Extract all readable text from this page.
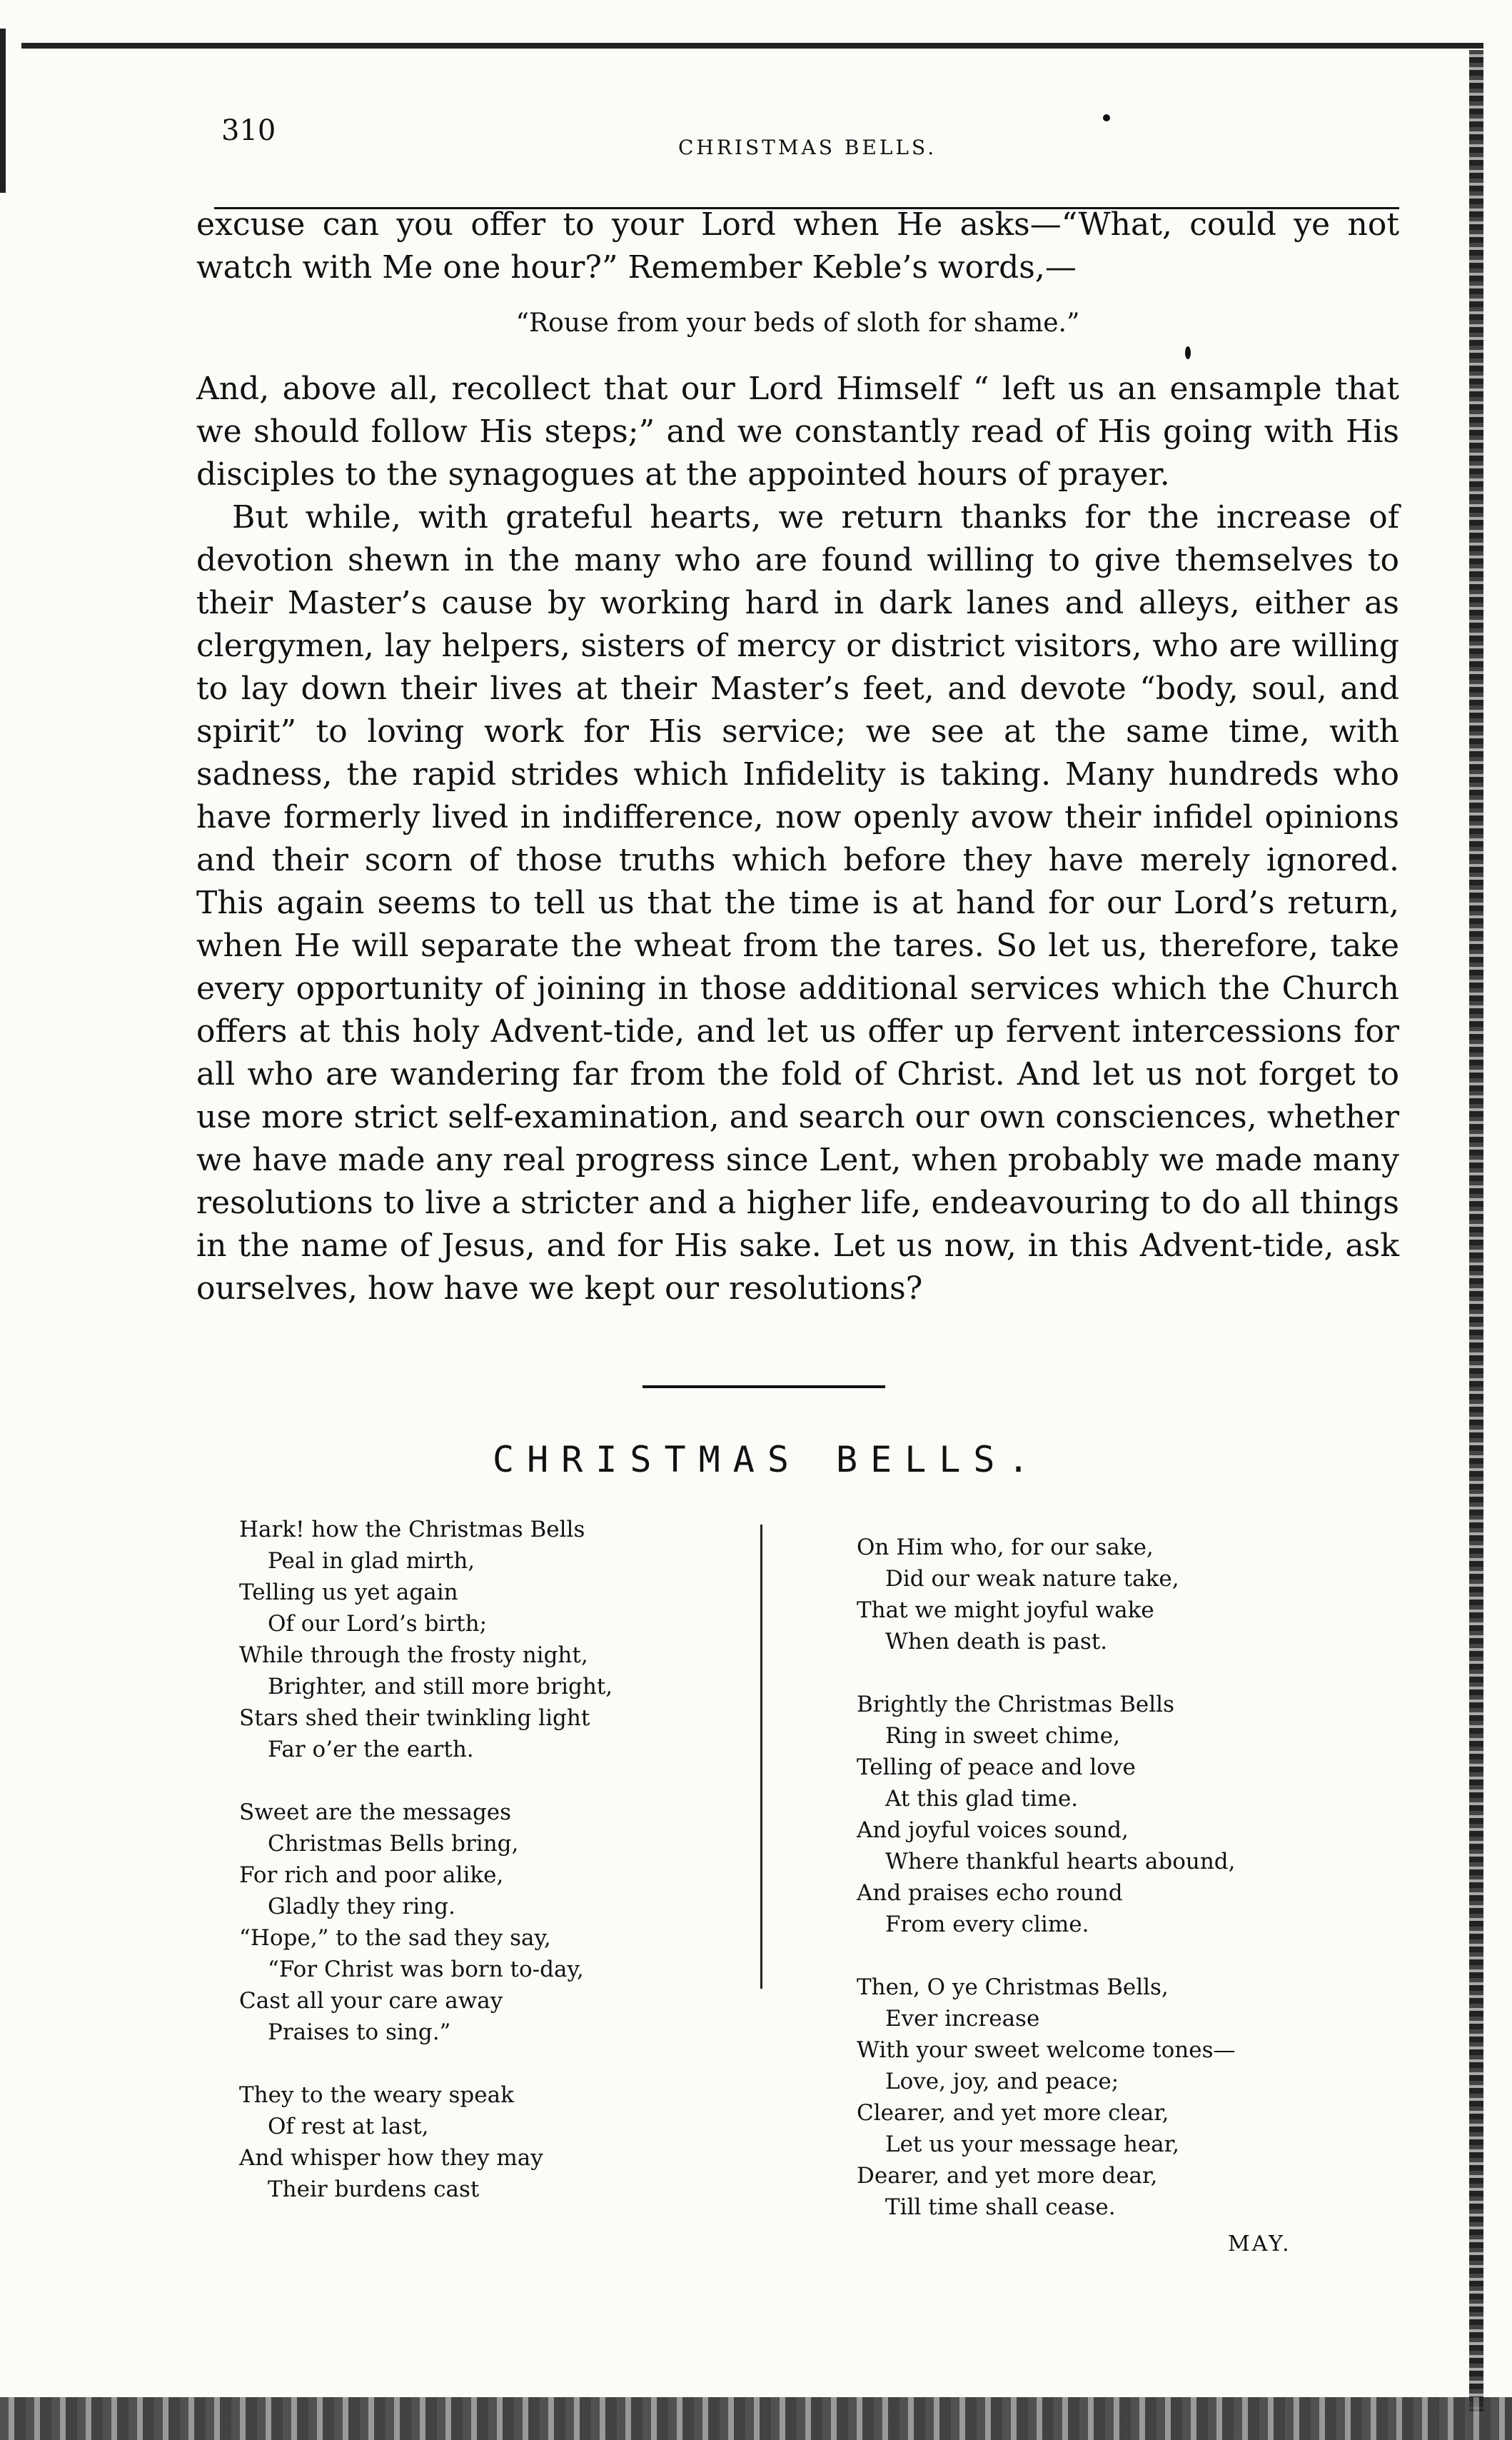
310
CHRISTMAS BELLS.

excuse can you offer to your Lord when He asks—“What, could ye not watch with Me one hour?” Remember Keble’s words,—

“Rouse from your beds of sloth for shame.”

And, above all, recollect that our Lord Himself “ left us an ensample that we should follow His steps;” and we constantly read of His going with His disciples to the synagogues at the appointed hours of prayer.

But while, with grateful hearts, we return thanks for the increase of devotion shewn in the many who are found willing to give themselves to their Master’s cause by working hard in dark lanes and alleys, either as clergymen, lay helpers, sisters of mercy or district visitors, who are willing to lay down their lives at their Master’s feet, and devote “body, soul, and spirit” to loving work for His service; we see at the same time, with sadness, the rapid strides which Infidelity is taking. Many hundreds who have formerly lived in indifference, now openly avow their infidel opinions and their scorn of those truths which before they have merely ignored. This again seems to tell us that the time is at hand for our Lord’s return, when He will separate the wheat from the tares. So let us, therefore, take every opportunity of joining in those additional services which the Church offers at this holy Advent-tide, and let us offer up fervent intercessions for all who are wandering far from the fold of Christ. And let us not forget to use more strict self-examination, and search our own consciences, whether we have made any real progress since Lent, when probably we made many resolutions to live a stricter and a higher life, endeavouring to do all things in the name of Jesus, and for His sake. Let us now, in this Advent-tide, ask ourselves, how have we kept our resolutions?

CHRISTMAS BELLS.
Hark! how the Christmas Bells
Peal in glad mirth,
Telling us yet again
Of our Lord’s birth;
While through the frosty night,
Brighter, and still more bright,
Stars shed their twinkling light
Far o’er the earth.
Sweet are the messages
Christmas Bells bring,
For rich and poor alike,
Gladly they ring.
“Hope,” to the sad they say,
“For Christ was born to-day,
Cast all your care away
Praises to sing.”
They to the weary speak
Of rest at last,
And whisper how they may
Their burdens cast
On Him who, for our sake,
Did our weak nature take,
That we might joyful wake
When death is past.
Brightly the Christmas Bells
Ring in sweet chime,
Telling of peace and love
At this glad time.
And joyful voices sound,
Where thankful hearts abound,
And praises echo round
From every clime.
Then, O ye Christmas Bells,
Ever increase
With your sweet welcome tones—
Love, joy, and peace;
Clearer, and yet more clear,
Let us your message hear,
Dearer, and yet more dear,
Till time shall cease.
MAY.
